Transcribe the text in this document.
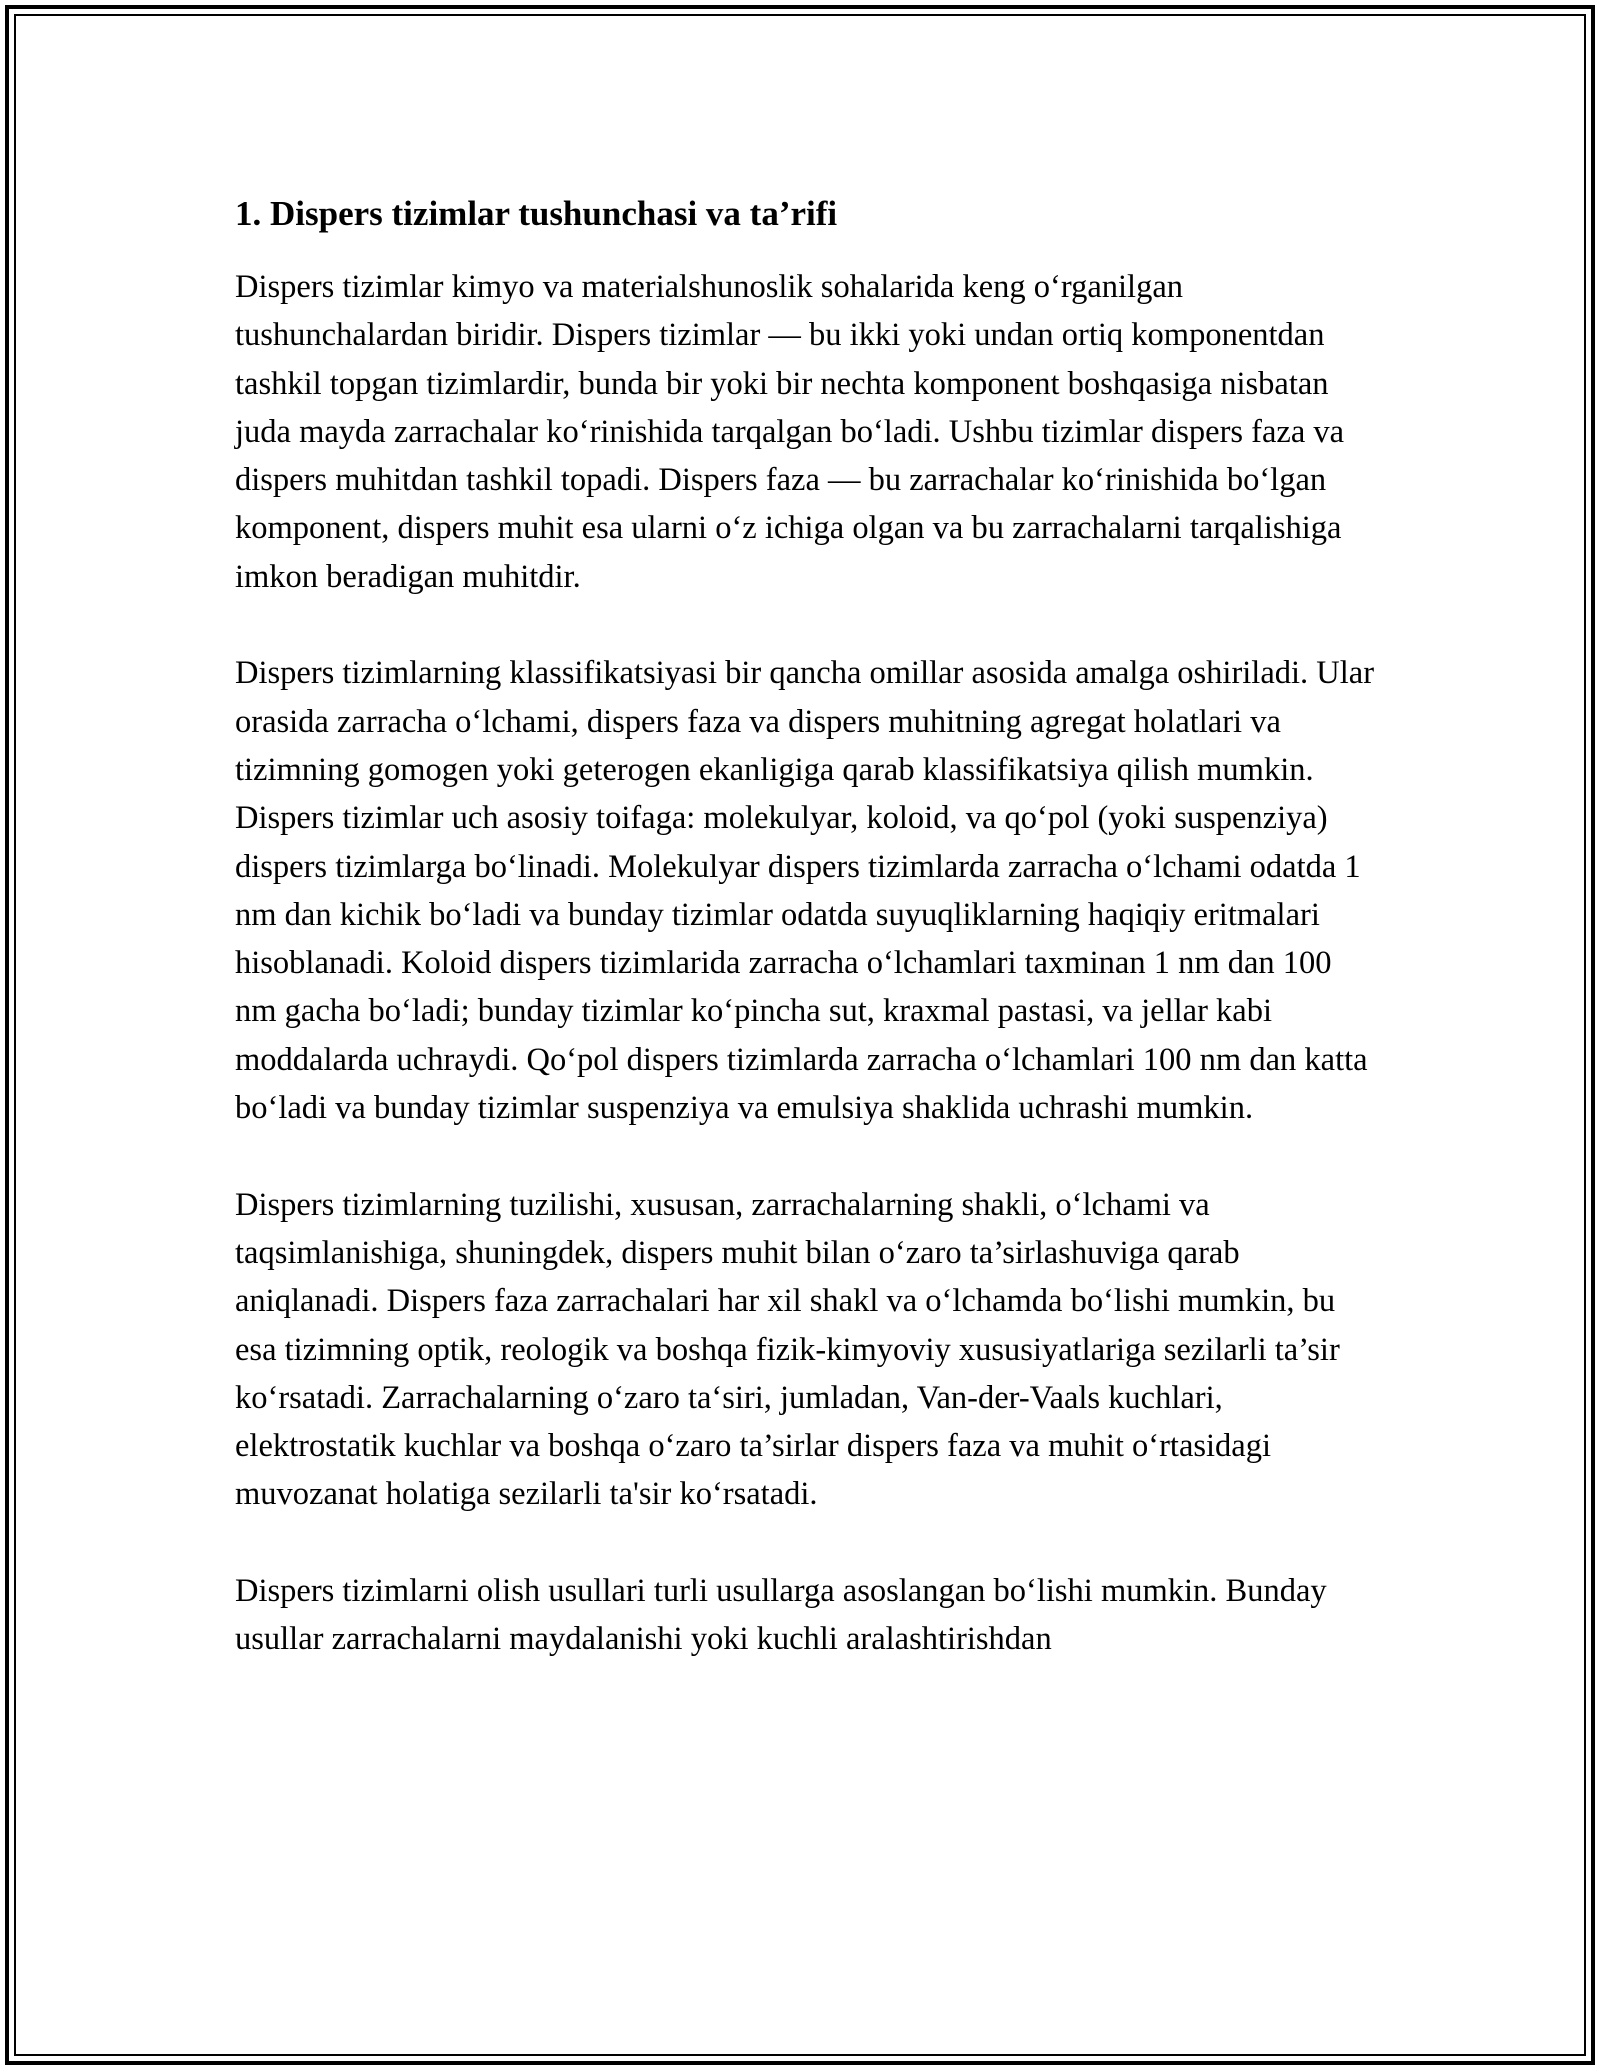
1. Dispers tizimlar tushunchasi va ta’rifi

Dispers tizimlar kimyo va materialshunoslik sohalarida keng o‘rganilgan tushunchalardan biridir. Dispers tizimlar — bu ikki yoki undan ortiq komponentdan tashkil topgan tizimlardir, bunda bir yoki bir nechta komponent boshqasiga nisbatan juda mayda zarrachalar ko‘rinishida tarqalgan bo‘ladi. Ushbu tizimlar dispers faza va dispers muhitdan tashkil topadi. Dispers faza — bu zarrachalar ko‘rinishida bo‘lgan komponent, dispers muhit esa ularni o‘z ichiga olgan va bu zarrachalarni tarqalishiga imkon beradigan muhitdir.

Dispers tizimlarning klassifikatsiyasi bir qancha omillar asosida amalga oshiriladi. Ular orasida zarracha o‘lchami, dispers faza va dispers muhitning agregat holatlari va tizimning gomogen yoki geterogen ekanligiga qarab klassifikatsiya qilish mumkin. Dispers tizimlar uch asosiy toifaga: molekulyar, koloid, va qo‘pol (yoki suspenziya) dispers tizimlarga bo‘linadi. Molekulyar dispers tizimlarda zarracha o‘lchami odatda 1 nm dan kichik bo‘ladi va bunday tizimlar odatda suyuqliklarning haqiqiy eritmalari hisoblanadi. Koloid dispers tizimlarida zarracha o‘lchamlari taxminan 1 nm dan 100 nm gacha bo‘ladi; bunday tizimlar ko‘pincha sut, kraxmal pastasi, va jellar kabi moddalarda uchraydi. Qo‘pol dispers tizimlarda zarracha o‘lchamlari 100 nm dan katta bo‘ladi va bunday tizimlar suspenziya va emulsiya shaklida uchrashi mumkin.

Dispers tizimlarning tuzilishi, xususan, zarrachalarning shakli, o‘lchami va taqsimlanishiga, shuningdek, dispers muhit bilan o‘zaro ta’sirlashuviga qarab aniqlanadi. Dispers faza zarrachalari har xil shakl va o‘lchamda bo‘lishi mumkin, bu esa tizimning optik, reologik va boshqa fizik-kimyoviy xususiyatlariga sezilarli ta’sir ko‘rsatadi. Zarrachalarning o‘zaro ta‘siri, jumladan, Van-der-Vaals kuchlari, elektrostatik kuchlar va boshqa o‘zaro ta’sirlar dispers faza va muhit o‘rtasidagi muvozanat holatiga sezilarli ta'sir ko‘rsatadi.

Dispers tizimlarni olish usullari turli usullarga asoslangan bo‘lishi mumkin. Bunday usullar zarrachalarni maydalanishi yoki kuchli aralashtirishdan
